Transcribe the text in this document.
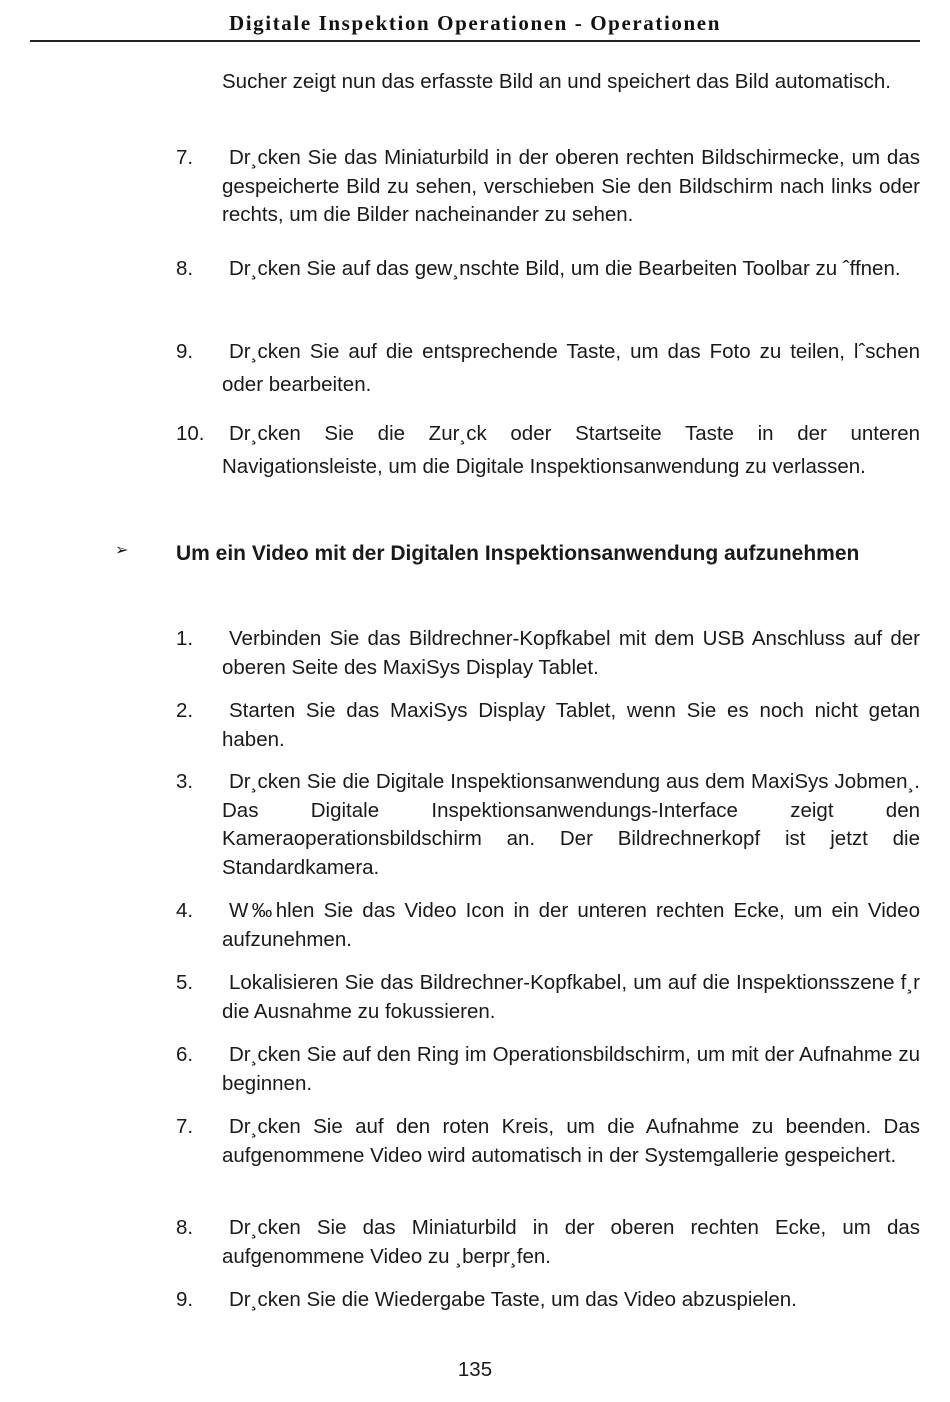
Digitale Inspektion Operationen - Operationen

Sucher zeigt nun das erfasste Bild an und speichert das Bild automatisch.

7.	Dr¸cken Sie das Miniaturbild in der oberen rechten Bildschirmecke, um das gespeicherte Bild zu sehen, verschieben Sie den Bildschirm nach links oder rechts, um die Bilder nacheinander zu sehen.
8.	Dr¸cken Sie auf das gew¸nschte Bild, um die Bearbeiten Toolbar zu ˆffnen.
9.	Dr¸cken Sie auf die entsprechende Taste, um das Foto zu teilen, lˆschen oder bearbeiten.
10.	Dr¸cken Sie die Zur¸ck oder Startseite Taste in der unteren Navigationsleiste, um die Digitale Inspektionsanwendung zu verlassen.
➢ Um ein Video mit der Digitalen Inspektionsanwendung aufzunehmen
1.	Verbinden Sie das Bildrechner-Kopfkabel mit dem USB Anschluss auf der oberen Seite des MaxiSys Display Tablet.
2.	Starten Sie das MaxiSys Display Tablet, wenn Sie es noch nicht getan haben.
3.	Dr¸cken Sie die Digitale Inspektionsanwendung aus dem MaxiSys Jobmen¸. Das Digitale Inspektionsanwendungs-Interface zeigt den Kameraoperationsbildschirm an. Der Bildrechnerkopf ist jetzt die Standardkamera.
4.	W‰hlen Sie das Video Icon in der unteren rechten Ecke, um ein Video aufzunehmen.
5.	Lokalisieren Sie das Bildrechner-Kopfkabel, um auf die Inspektionsszene f¸r die Ausnahme zu fokussieren.
6.	Dr¸cken Sie auf den Ring im Operationsbildschirm, um mit der Aufnahme zu beginnen.
7.	Dr¸cken Sie auf den roten Kreis, um die Aufnahme zu beenden. Das aufgenommene Video wird automatisch in der Systemgallerie gespeichert.
8.	Dr¸cken Sie das Miniaturbild in der oberen rechten Ecke, um das aufgenommene Video zu ¸berpr¸fen.
9.	Dr¸cken Sie die Wiedergabe Taste, um das Video abzuspielen.
135
